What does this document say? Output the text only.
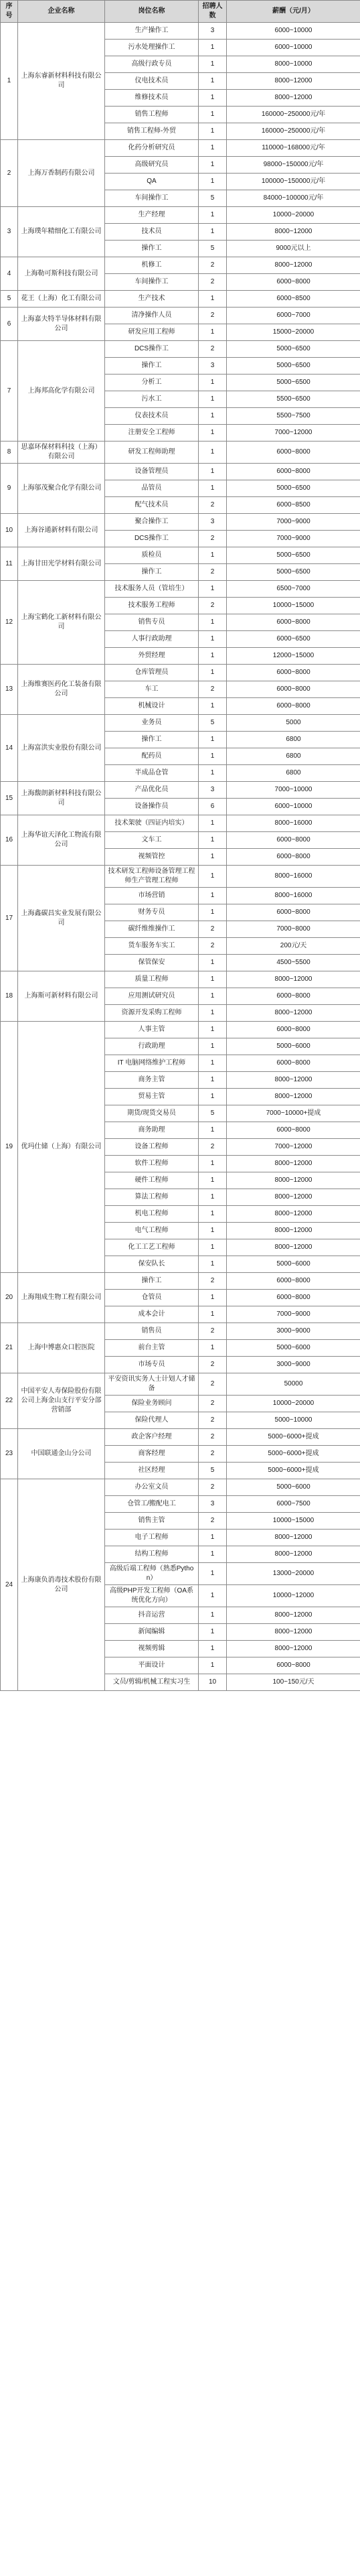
序号	企业名称	岗位名称	招聘人数	薪酬（元/月）
1	上海东睿新材料科技有限公司	生产操作工	3	6000~10000
		污水处理操作工	1	6000~10000
		高级行政专员	1	8000~10000
		仪电技术员	1	8000~12000
		维修技术员	1	8000~12000
		销售工程师	1	160000~250000元/年
		销售工程师-外贸	1	160000~250000元/年
2	上海万香制药有限公司	化药分析研究员	1	110000~168000元/年
		高级研究员	1	98000~150000元/年
		QA	1	100000~150000元/年
		车间操作工	5	84000~100000元/年
3	上海璞年精细化工有限公司	生产经理	1	10000~20000
		技术员	1	8000~12000
		操作工	5	9000元以上
4	上海勒可斯科技有限公司	机修工	2	8000~12000
		车间操作工	2	6000~8000
5	花王（上海）化工有限公司	生产技术	1	6000~8500
6	上海嘉夫特半导体材料有限公司	清净操作人员	2	6000~7000
		研发应用工程师	1	15000~20000
7	上海邦高化学有限公司	DCS操作工	2	5000~6500
		操作工	3	5000~6500
		分析工	1	5000~6500
		污水工	1	5500~6500
		仪表技术员	1	5500~7500
		注册安全工程师	1	7000~12000
8	思嘉环保材料科技（上海）有限公司	研发工程师助理	1	6000~8000
9	上海邬茂聚合化学有限公司	设备管理员	1	6000~8000
		品管员	1	5000~6500
		配气技术员	2	6000~8500
10	上海谷通新材料有限公司	聚合操作工	3	7000~9000
		DCS操作工	2	7000~9000
11	上海甘田光学材料有限公司	质检员	1	5000~6500
		操作工	2	5000~6500
12	上海宝鹤化工新材料有限公司	技术服务人员（管培生）	1	6500~7000
		技术服务工程师	2	10000~15000
		销售专员	1	6000~8000
		人事行政助理	1	6000~6500
		外贸经理	1	12000~15000
13	上海维赛医药化工装备有限公司	仓库管理员	1	6000~8000
		车工	2	6000~8000
		机械设计	1	6000~8000
14	上海富洪实业股份有限公司	业务员	5	5000
		操作工	1	6800
		配药员	1	6800
		半成品仓管	1	6800
15	上海馥朗新材料科技有限公司	产品优化员	3	7000~10000
		设备操作员	6	6000~10000
16	上海华谊天泽化工物流有限公司	技术架驶（四证内培实）	1	8000~16000
		文车工	1	6000~8000
		视频管控	1	6000~8000
17	上海鑫碳昌实业发展有限公司	技术研发工程师设备管理工程师生产管理工程师	1	8000~16000
		市场营销	1	8000~16000
		财务专员	1	6000~8000
		碳纤维维操作工	2	7000~8000
		货车服务车实工	2	200元/天
		保管保安	1	4500~5500
18	上海斯可新材料有限公司	质量工程师	1	8000~12000
		应用测试研究员	1	6000~8000
		资源开发采购工程师	1	8000~12000
19	优玛仕储（上海）有限公司	人事主管	1	6000~8000
		行政助理	1	5000~6000
		IT 电脑网络维护工程师	1	6000~8000
		商务主管	1	8000~12000
		贸易主管	1	8000~12000
		期货/现货交易员	5	7000~10000+提成
		商务助理	1	6000~8000
		设备工程师	2	7000~12000
		软件工程师	1	8000~12000
		硬件工程师	1	8000~12000
		算法工程师	1	8000~12000
		机电工程师	1	8000~12000
		电气工程师	1	8000~12000
		化工工艺工程师	1	8000~12000
		保安队长	1	5000~6000
20	上海翔成生物工程有限公司	操作工	2	6000~8000
		仓管员	1	6000~8000
		成本会计	1	7000~9000
21	上海中博惠众口腔医院	销售员	2	3000~9000
		前台主管	1	5000~6000
		市场专员	2	3000~9000
22	中国平安人寿保险股份有限公司上海金山支行平安分部营销部	平安资讯实务人士计划人才储备	2	50000
		保险业务顾问	2	10000~20000
		保险代理人	2	5000~10000
23	中国联通金山分公司	政企客户经理	2	5000~6000+提成
		商客经理	2	5000~6000+提成
		社区经理	5	5000~6000+提成
24	上海康负消毒技术股份有限公司	办公室文员	2	5000~6000
		仓管工/搬配电工	3	6000~7500
		销售主管	2	10000~15000
		电子工程师	1	8000~12000
		结构工程师	1	8000~12000
		高级后端工程师（熟悉Python）	1	13000~20000
		高级PHP开发工程师（OA系统优化方向）	1	10000~12000
		抖音运营	1	8000~12000
		新闻编辑	1	8000~12000
		视频剪辑	1	8000~12000
		平面设计	1	6000~8000
		文员/剪辑/机械工程实习生	10	100~150元/天
